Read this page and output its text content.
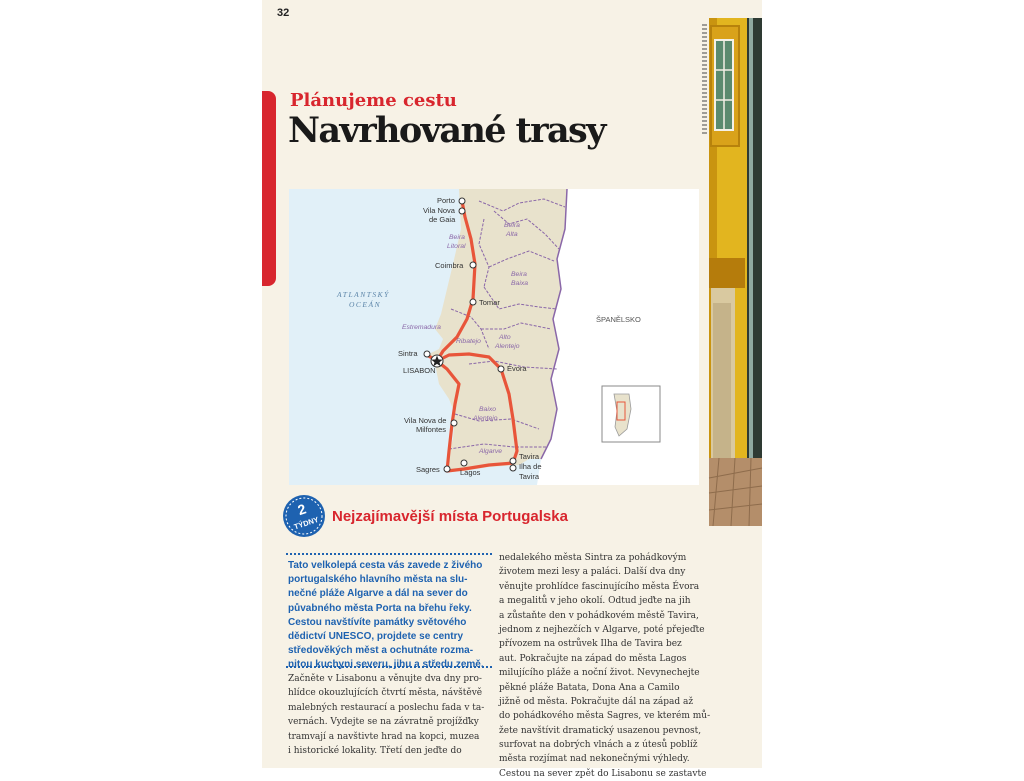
32
Plánujeme cestu
Navrhované trasy
ATLANTSKÝ
OCEÁN
ŠPANĚLSKO
Beira
Alta
Beira
Litoral
Beira
Baixa
Estremadura
Ribatejo
Alto
Alentejo
Baixo
Alentejo
Algarve
Porto
Vila Nova
de Gaia
Coimbra
Tomar
Sintra
LISABON	Évora
Vila Nova de
Milfontes
Sagres	Lagos
Tavira
Ilha de
Tavira
2
TÝDNY Nejzajímavější místa Portugalska
Tato velkolepá cesta vás zavede z živého
portugalského hlavního města na slu-
nečné pláže Algarve a dál na sever do
půvabného města Porta na břehu řeky.
Cestou navštívíte památky světového
dědictví UNESCO, projdete se centry
středověkých měst a ochutnáte rozma-
nitou kuchyni severu, jihu a středu země.

Začněte v Lisabonu a věnujte dva dny pro-

hlídce okouzlujících čtvrtí města, návštěvě

malebných restaurací a poslechu fada v ta-

vernách. Vydejte se na závratně projížďky

tramvají a navštivte hrad na kopci, muzea

i historické lokality. Třetí den jeďte do

nedalekého města Sintra za pohádkovým

životem mezi lesy a paláci. Další dva dny

věnujte prohlídce fascinujícího města Évora

a megalitů v jeho okolí. Odtud jeďte na jih

a zůstaňte den v pohádkovém městě Tavira,

jednom z nejhezčích v Algarve, poté přejeďte

přívozem na ostrůvek Ilha de Tavira bez

aut. Pokračujte na západ do města Lagos

milujícího pláže a noční život. Nevynechejte

pěkné pláže Batata, Dona Ana a Camilo

jižně od města. Pokračujte dál na západ až

do pohádkového města Sagres, ve kterém mů-

žete navštívit dramatický usazenou pevnost,

surfovat na dobrých vlnách a z útesů poblíž

města rozjímat nad nekonečnými výhledy.

Cestou na sever zpět do Lisabonu se zastavte
